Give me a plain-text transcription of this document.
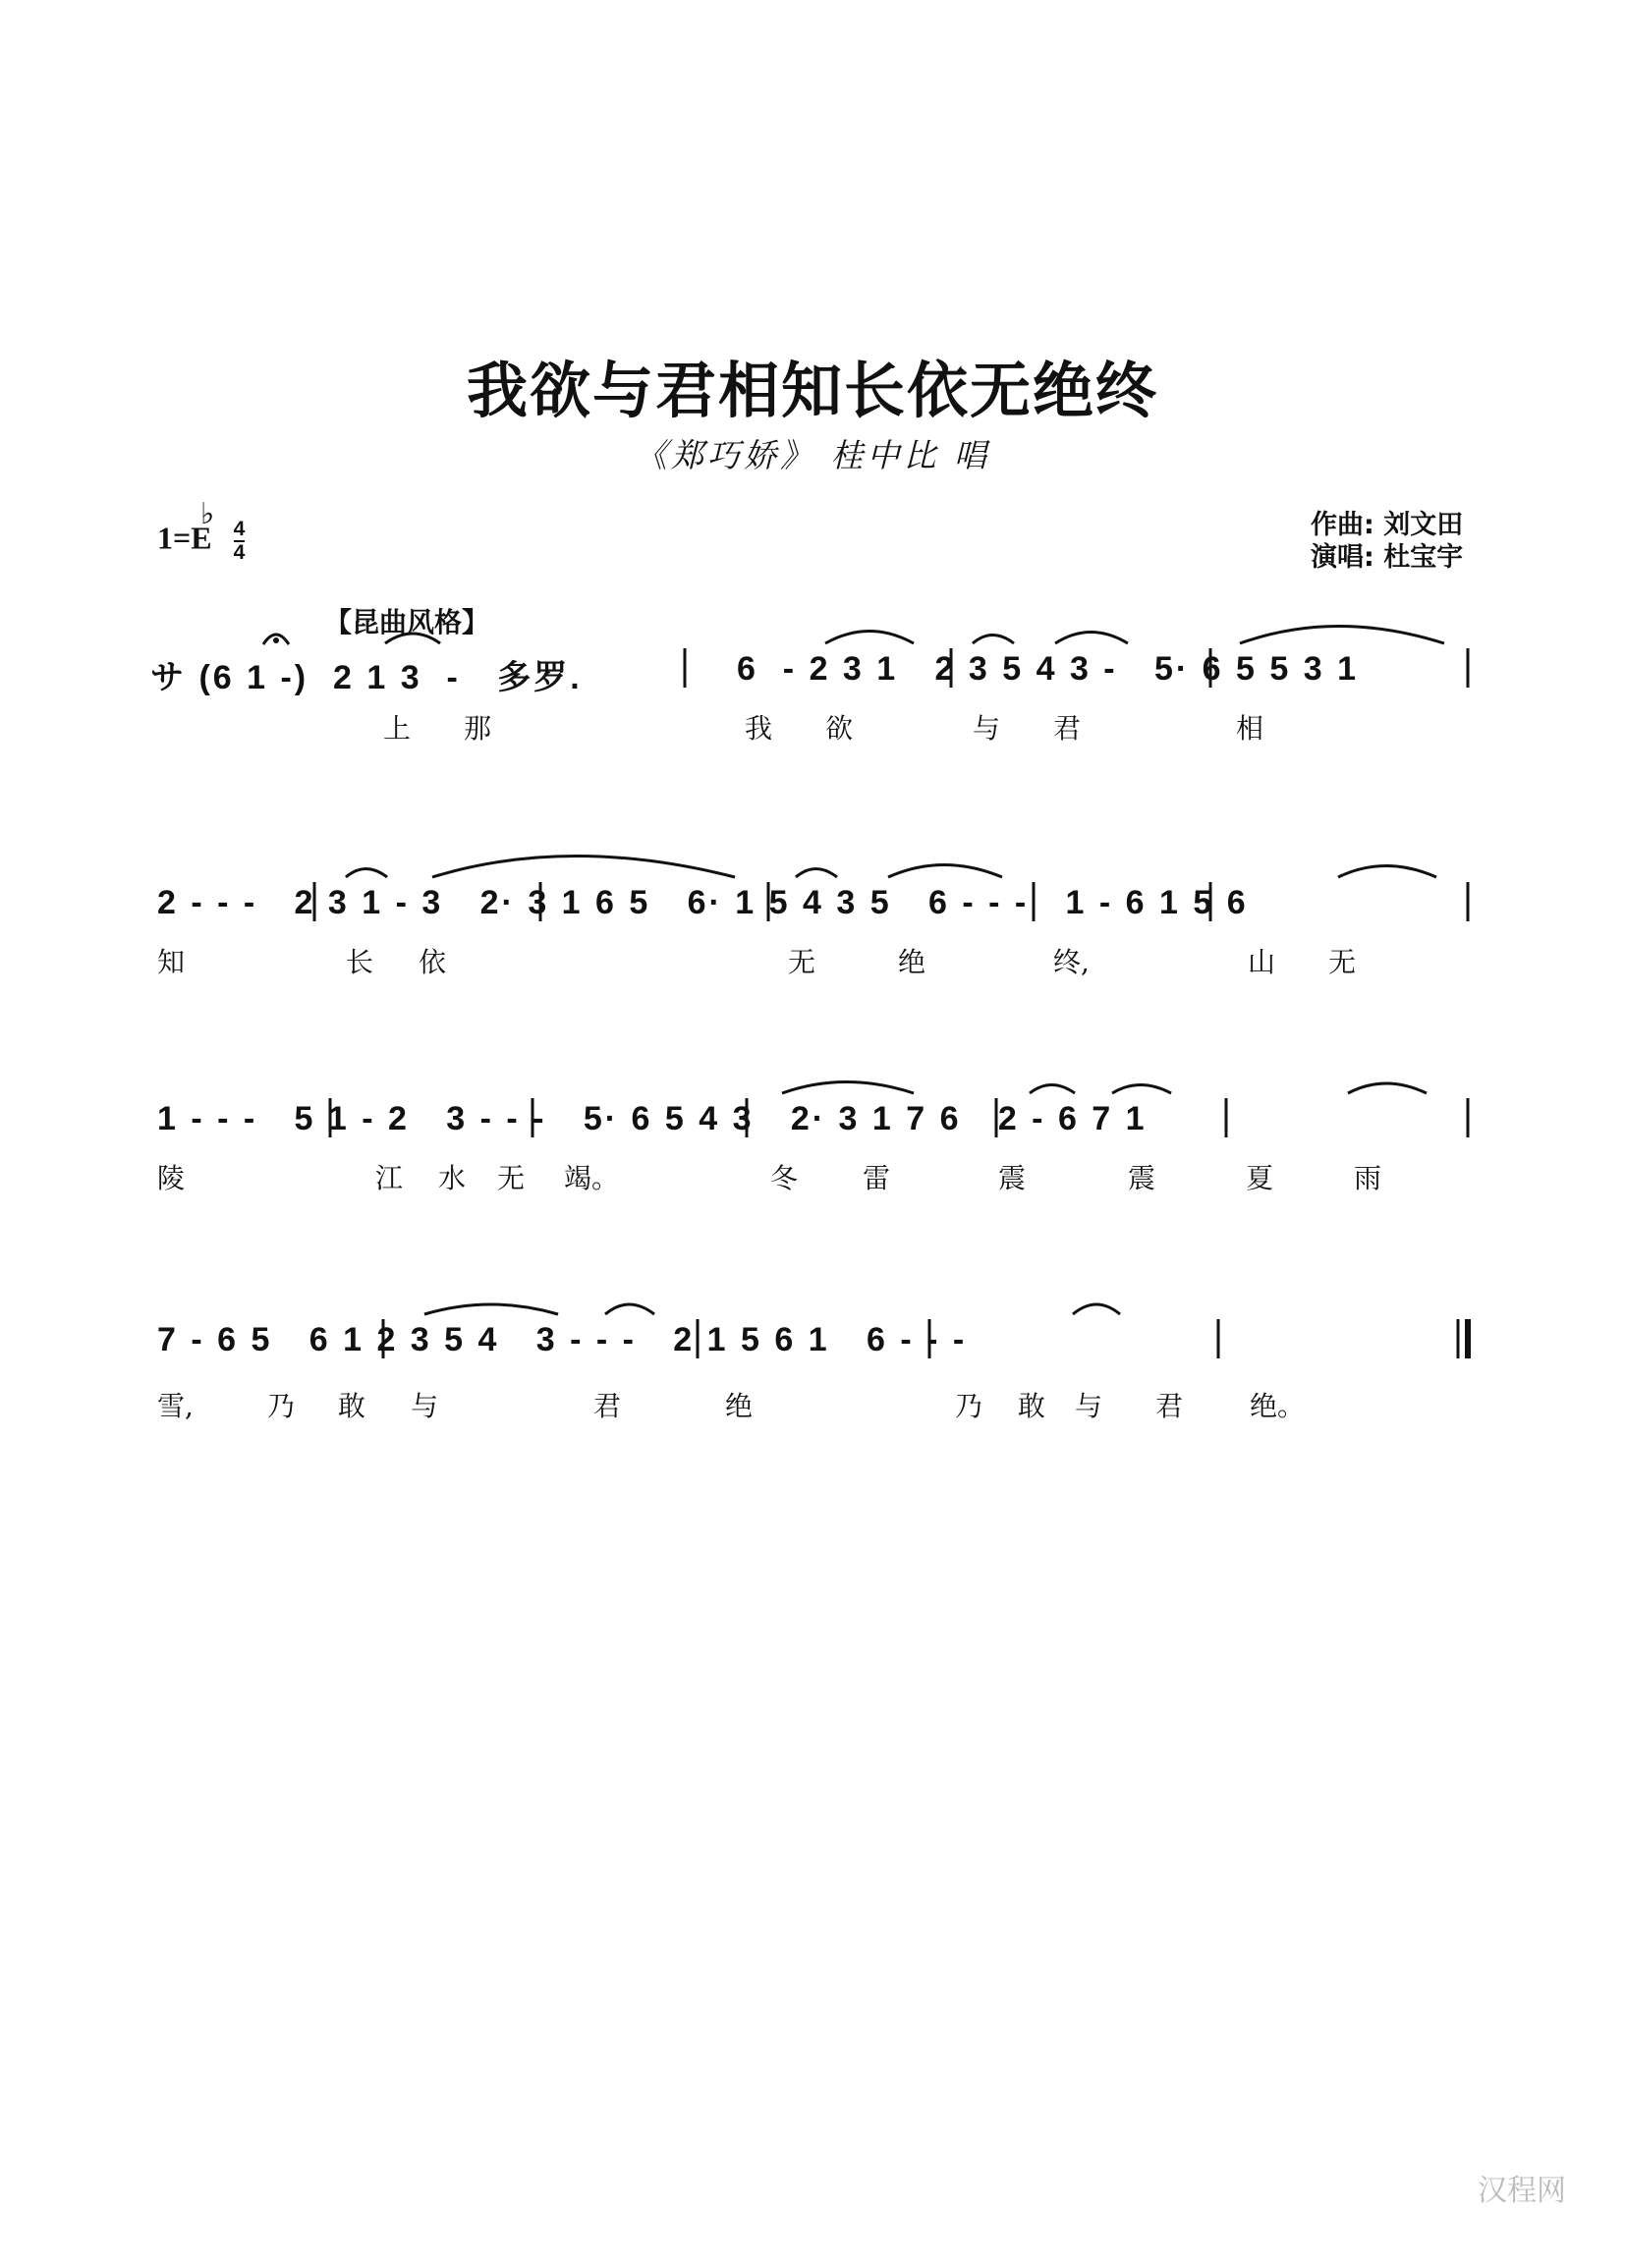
我欲与君相知长依无绝终
《郑巧娇》 桂中比 唱
作曲: 刘文田
演唱: 杜宝宇
1=E
♭
$\frac{4}{4}$
【昆曲风格】
サ (6 1 -)  2 1 3  -   多罗.	6  - 2 3 1   2 3 5 4 3 -   5· 6 5 5 3 1
上 那	我 欲	与 君	相
2 - - -   2 3 1 - 3   2· 3 1 6 5   6· 1 5 4 3 5   6 - - -   1 - 6 1 5 6
知	长 依	无	绝	终,	山 无
1 - - -   5 1 - 2   3 - - -   5· 6 5 4 3   2· 3 1 7 6   2 - 6 7 1
陵	江 水 无 竭。	冬 雷	震	震	夏	雨
7 - 6 5   6 1 2 3 5 4   3 - - -   2 1 5 6 1   6 - - -
雪,	乃 敢 与	君	绝	乃 敢 与 君 绝。
汉程网
